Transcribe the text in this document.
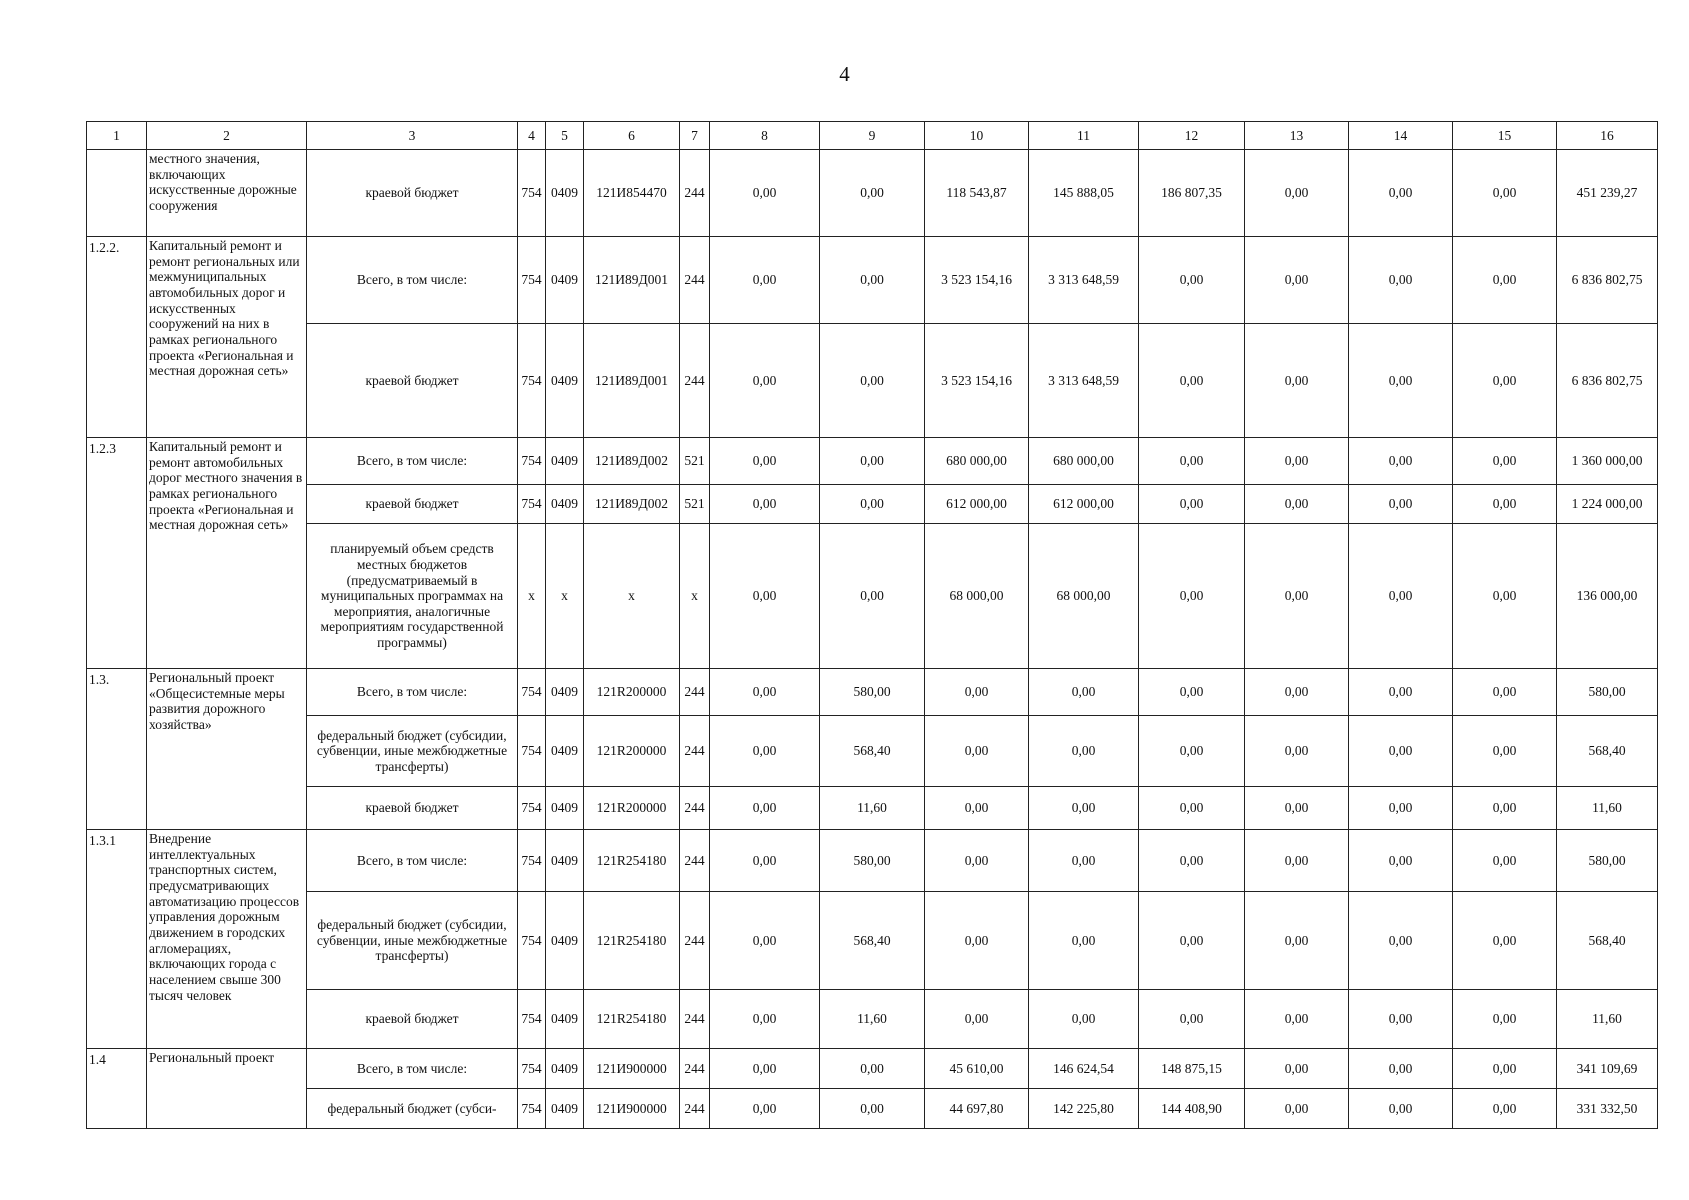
4
1	2	3	4	5	6	7	8	9	10	11	12	13	14	15	16
	местного значения, включающих искусственные дорожные сооружения	краевой бюджет	754	0409	121И854470	244	0,00	0,00	118 543,87	145 888,05	186 807,35	0,00	0,00	0,00	451 239,27
1.2.2.	Капитальный ремонт и ремонт региональных или межмуниципальных автомобильных дорог и искусственных сооружений на них в рамках регионального проекта «Региональная и местная дорожная сеть»	Всего, в том числе:	754	0409	121И89Д001	244	0,00	0,00	3 523 154,16	3 313 648,59	0,00	0,00	0,00	0,00	6 836 802,75
		краевой бюджет	754	0409	121И89Д001	244	0,00	0,00	3 523 154,16	3 313 648,59	0,00	0,00	0,00	0,00	6 836 802,75
1.2.3	Капитальный ремонт и ремонт автомобильных дорог местного значения в рамках регионального проекта «Региональная и местная дорожная сеть»	Всего, в том числе:	754	0409	121И89Д002	521	0,00	0,00	680 000,00	680 000,00	0,00	0,00	0,00	0,00	1 360 000,00
		краевой бюджет	754	0409	121И89Д002	521	0,00	0,00	612 000,00	612 000,00	0,00	0,00	0,00	0,00	1 224 000,00
		планируемый объем средств местных бюджетов (предусматриваемый в муниципальных программах на мероприятия, аналогичные мероприятиям государственной программы)	x	x	x	x	0,00	0,00	68 000,00	68 000,00	0,00	0,00	0,00	0,00	136 000,00
1.3.	Региональный проект «Общесистемные меры развития дорожного хозяйства»	Всего, в том числе:	754	0409	121R200000	244	0,00	580,00	0,00	0,00	0,00	0,00	0,00	0,00	580,00
		федеральный бюджет (субсидии, субвенции, иные межбюджетные трансферты)	754	0409	121R200000	244	0,00	568,40	0,00	0,00	0,00	0,00	0,00	0,00	568,40
		краевой бюджет	754	0409	121R200000	244	0,00	11,60	0,00	0,00	0,00	0,00	0,00	0,00	11,60
1.3.1	Внедрение интеллектуальных транспортных систем, предусматривающих автоматизацию процессов управления дорожным движением в городских агломерациях, включающих города с населением свыше 300 тысяч человек	Всего, в том числе:	754	0409	121R254180	244	0,00	580,00	0,00	0,00	0,00	0,00	0,00	0,00	580,00
		федеральный бюджет (субсидии, субвенции, иные межбюджетные трансферты)	754	0409	121R254180	244	0,00	568,40	0,00	0,00	0,00	0,00	0,00	0,00	568,40
		краевой бюджет	754	0409	121R254180	244	0,00	11,60	0,00	0,00	0,00	0,00	0,00	0,00	11,60
1.4	Региональный проект	Всего, в том числе:	754	0409	121И900000	244	0,00	0,00	45 610,00	146 624,54	148 875,15	0,00	0,00	0,00	341 109,69
		федеральный бюджет (субси-	754	0409	121И900000	244	0,00	0,00	44 697,80	142 225,80	144 408,90	0,00	0,00	0,00	331 332,50
